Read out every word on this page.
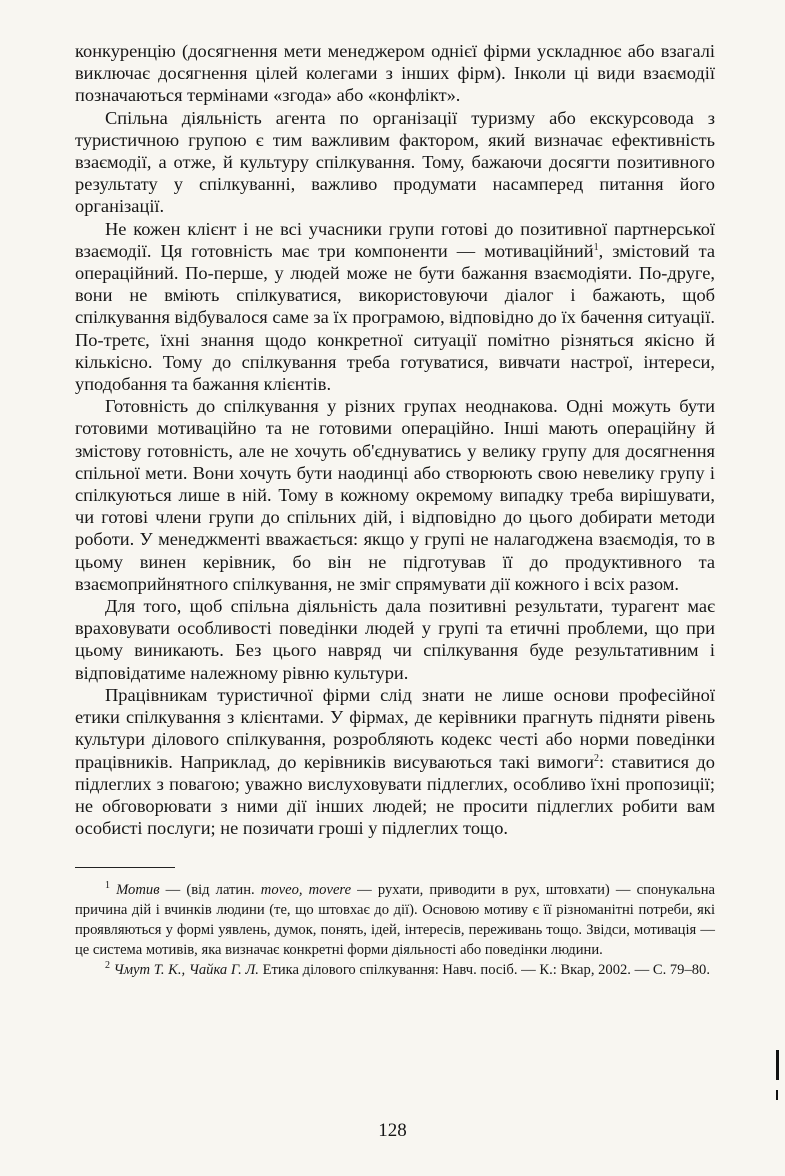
конкуренцію (досягнення мети менеджером однієї фірми ускладнює або взагалі виключає досягнення цілей колегами з інших фірм). Інколи ці види взаємодії позначаються термінами «згода» або «конфлікт».

Спільна діяльність агента по організації туризму або екскурсовода з туристичною групою є тим важливим фактором, який визначає ефективність взаємодії, а отже, й культуру спілкування. Тому, бажаючи досягти позитивного результату у спілкуванні, важливо продумати насамперед питання його організації.

Не кожен клієнт і не всі учасники групи готові до позитивної партнерської взаємодії. Ця готовність має три компоненти — мотиваційний$^1$, змістовий та операційний. По-перше, у людей може не бути бажання взаємодіяти. По-друге, вони не вміють спілкуватися, використовуючи діалог і бажають, щоб спілкування відбувалося саме за їх програмою, відповідно до їх бачення ситуації. По-третє, їхні знання щодо конкретної ситуації помітно різняться якісно й кількісно. Тому до спілкування треба готуватися, вивчати настрої, інтереси, уподобання та бажання клієнтів.

Готовність до спілкування у різних групах неоднакова. Одні можуть бути готовими мотиваційно та не готовими операційно. Інші мають операційну й змістову готовність, але не хочуть об'єднуватись у велику групу для досягнення спільної мети. Вони хочуть бути наодинці або створюють свою невелику групу і спілкуються лише в ній. Тому в кожному окремому випадку треба вирішувати, чи готові члени групи до спільних дій, і відповідно до цього добирати методи роботи. У менеджменті вважається: якщо у групі не налагоджена взаємодія, то в цьому винен керівник, бо він не підготував її до продуктивного та взаємоприйнятного спілкування, не зміг спрямувати дії кожного і всіх разом.

Для того, щоб спільна діяльність дала позитивні результати, турагент має враховувати особливості поведінки людей у групі та етичні проблеми, що при цьому виникають. Без цього навряд чи спілкування буде результативним і відповідатиме належному рівню культури.

Працівникам туристичної фірми слід знати не лише основи професійної етики спілкування з клієнтами. У фірмах, де керівники прагнуть підняти рівень культури ділового спілкування, розробляють кодекс честі або норми поведінки працівників. Наприклад, до керівників висуваються такі вимоги$^2$: ставитися до підлеглих з повагою; уважно вислуховувати підлеглих, особливо їхні пропозиції; не обговорювати з ними дії інших людей; не просити підлеглих робити вам особисті послуги; не позичати гроші у підлеглих тощо.

$^1$ Мотив — (від латин. moveo, movere — рухати, приводити в рух, штовхати) — спонукальна причина дій і вчинків людини (те, що штовхає до дії). Основою мотиву є її різноманітні потреби, які проявляються у формі уявлень, думок, понять, ідей, інтересів, переживань тощо. Звідси, мотивація — це система мотивів, яка визначає конкретні форми діяльності або поведінки людини.

$^2$ Чмут Т. К., Чайка Г. Л. Етика ділового спілкування: Навч. посіб. — К.: Вкар, 2002. — С. 79–80.

128
